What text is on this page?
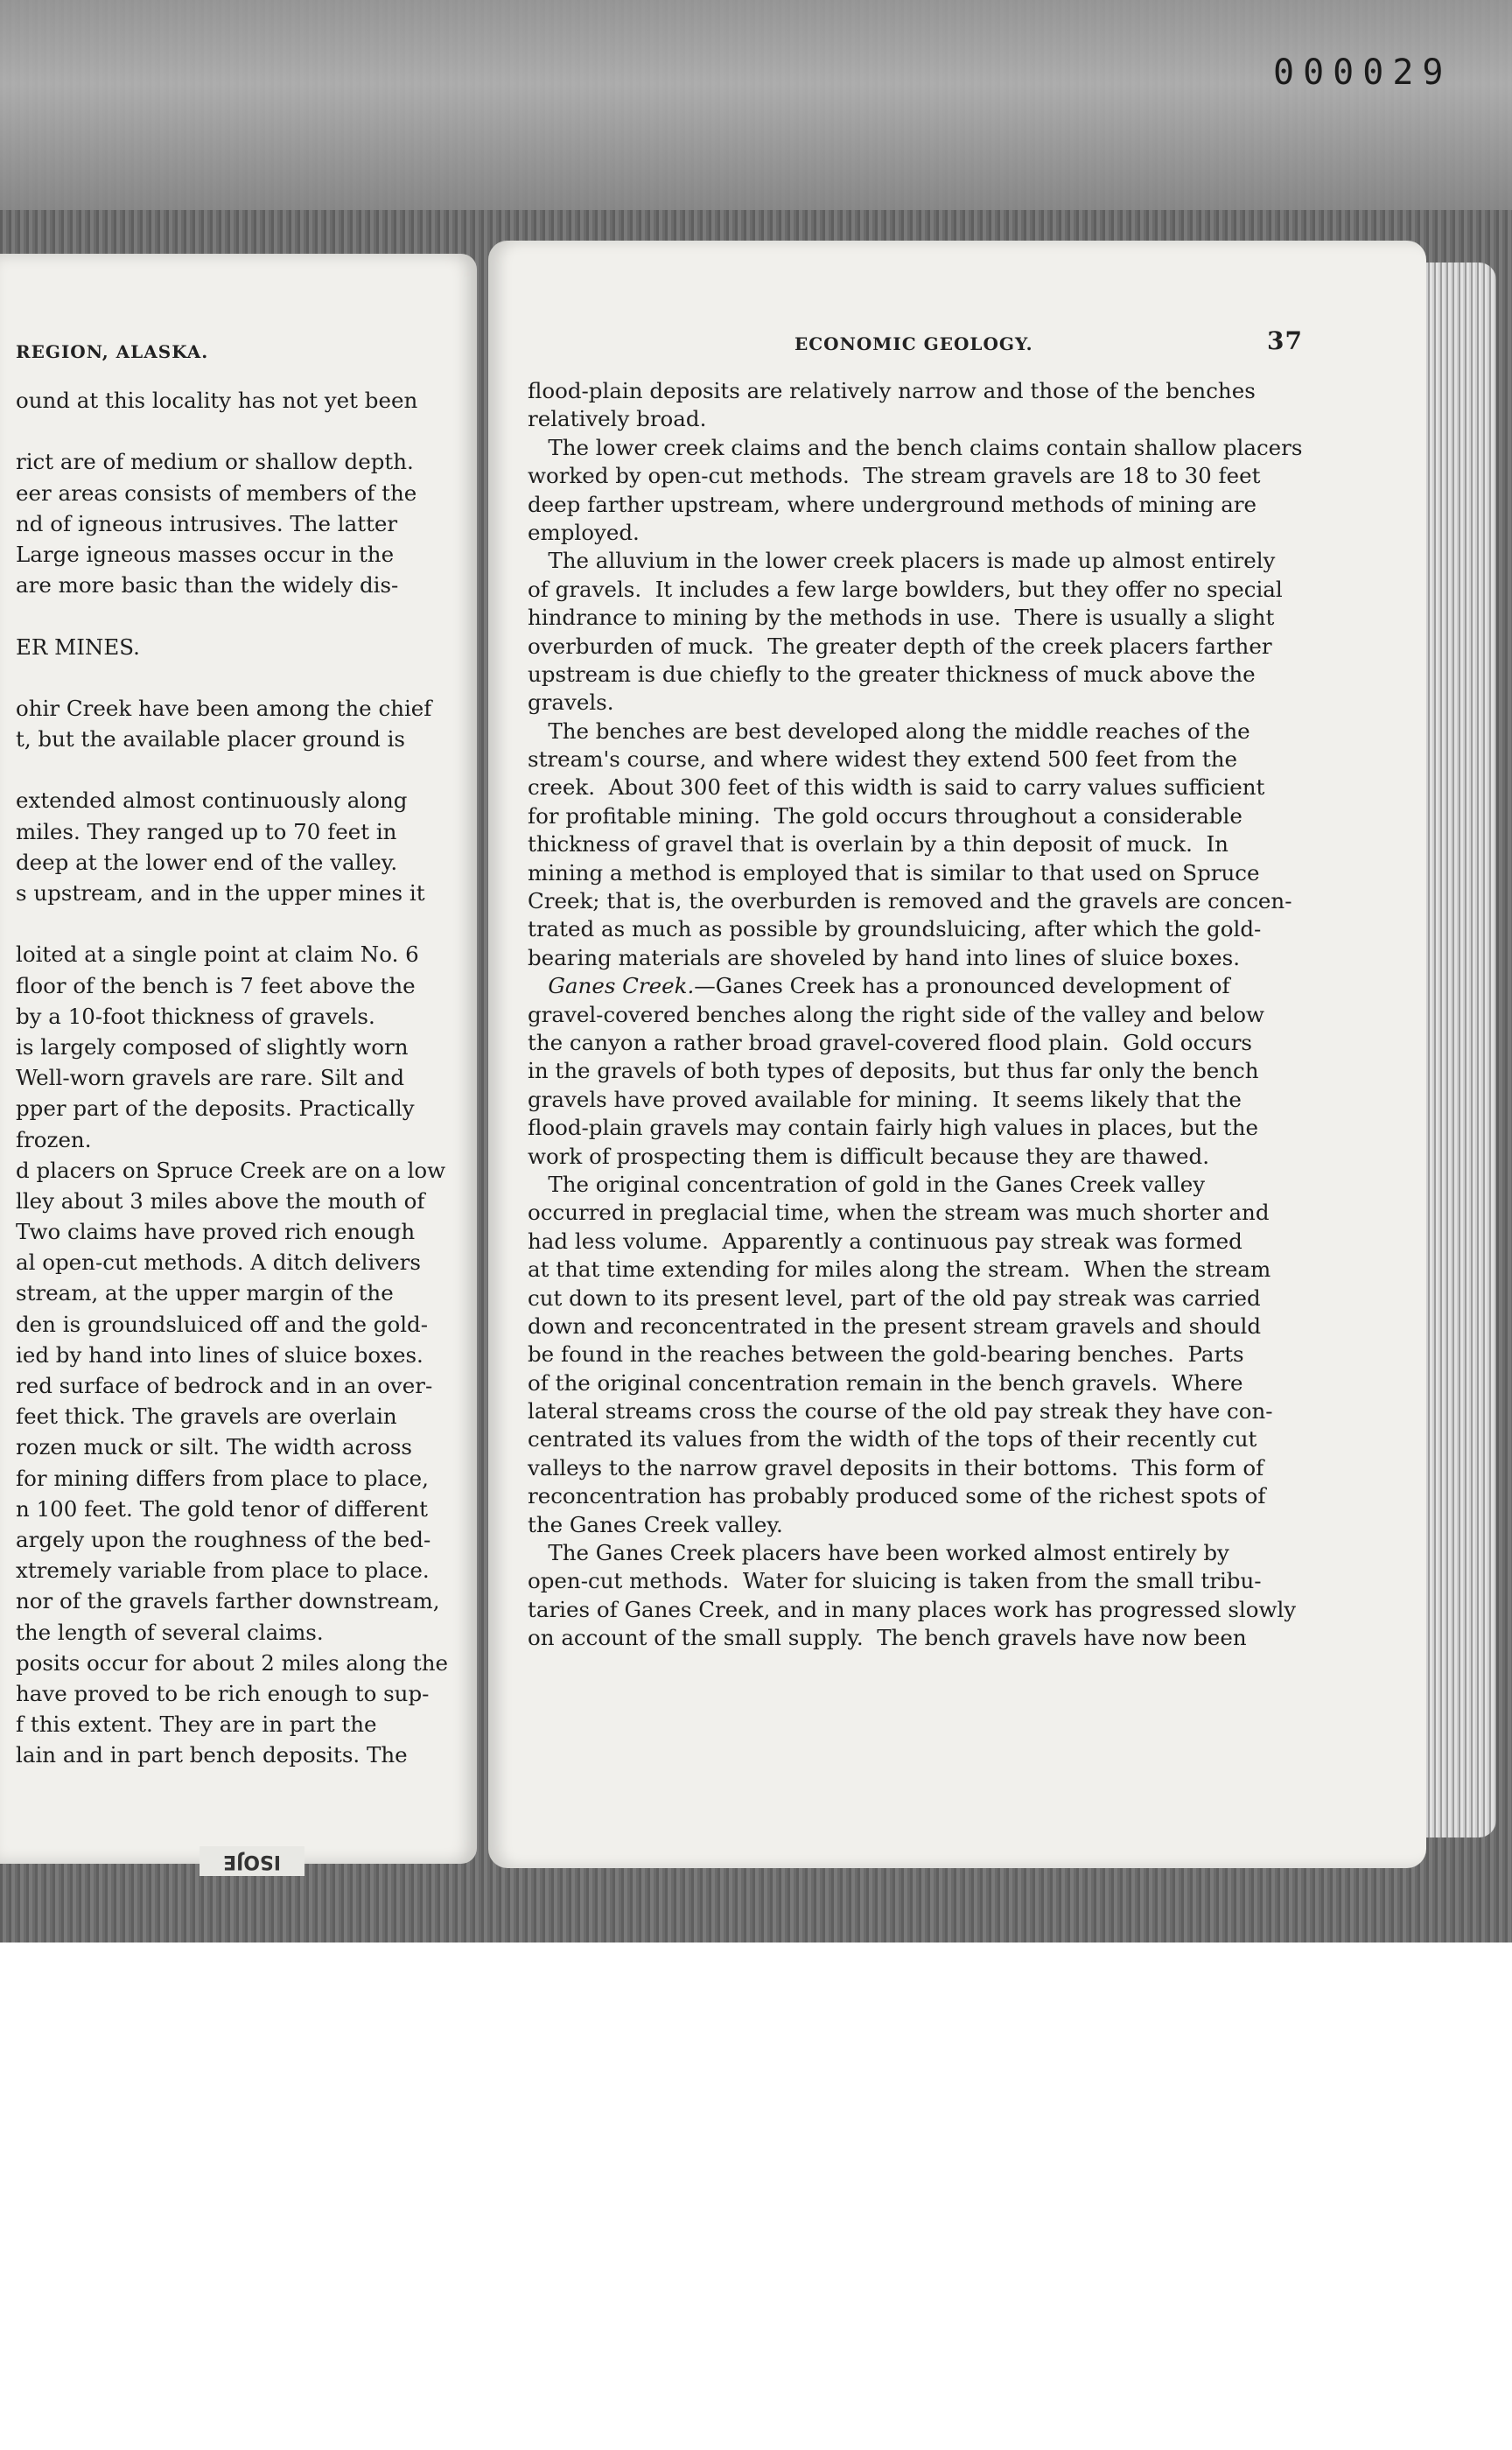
000029
REGION, ALASKA.
ound at this locality has not yet been
rict are of medium or shallow depth.
eer areas consists of members of the
nd of igneous intrusives. The latter
Large igneous masses occur in the
are more basic than the widely dis-
ER MINES.
ohir Creek have been among the chief
t, but the available placer ground is
extended almost continuously along
miles. They ranged up to 70 feet in
deep at the lower end of the valley.
s upstream, and in the upper mines it
loited at a single point at claim No. 6
floor of the bench is 7 feet above the
by a 10-foot thickness of gravels.
is largely composed of slightly worn
Well-worn gravels are rare. Silt and
pper part of the deposits. Practically
frozen.
d placers on Spruce Creek are on a low
lley about 3 miles above the mouth of
Two claims have proved rich enough
al open-cut methods. A ditch delivers
stream, at the upper margin of the
den is groundsluiced off and the gold-
ied by hand into lines of sluice boxes.
red surface of bedrock and in an over-
feet thick. The gravels are overlain
rozen muck or silt. The width across
for mining differs from place to place,
n 100 feet. The gold tenor of different
argely upon the roughness of the bed-
xtremely variable from place to place.
nor of the gravels farther downstream,
the length of several claims.
posits occur for about 2 miles along the
have proved to be rich enough to sup-
f this extent. They are in part the
lain and in part bench deposits. The
ECONOMIC GEOLOGY.	37
flood-plain deposits are relatively narrow and those of the benches
relatively broad.
The lower creek claims and the bench claims contain shallow placers
worked by open-cut methods.  The stream gravels are 18 to 30 feet
deep farther upstream, where underground methods of mining are
employed.
The alluvium in the lower creek placers is made up almost entirely
of gravels.  It includes a few large bowlders, but they offer no special
hindrance to mining by the methods in use.  There is usually a slight
overburden of muck.  The greater depth of the creek placers farther
upstream is due chiefly to the greater thickness of muck above the
gravels.
The benches are best developed along the middle reaches of the
stream's course, and where widest they extend 500 feet from the
creek.  About 300 feet of this width is said to carry values sufficient
for profitable mining.  The gold occurs throughout a considerable
thickness of gravel that is overlain by a thin deposit of muck.  In
mining a method is employed that is similar to that used on Spruce
Creek; that is, the overburden is removed and the gravels are concen-
trated as much as possible by groundsluicing, after which the gold-
bearing materials are shoveled by hand into lines of sluice boxes.
Ganes Creek.—Ganes Creek has a pronounced development of
gravel-covered benches along the right side of the valley and below
the canyon a rather broad gravel-covered flood plain.  Gold occurs
in the gravels of both types of deposits, but thus far only the bench
gravels have proved available for mining.  It seems likely that the
flood-plain gravels may contain fairly high values in places, but the
work of prospecting them is difficult because they are thawed.
The original concentration of gold in the Ganes Creek valley
occurred in preglacial time, when the stream was much shorter and
had less volume.  Apparently a continuous pay streak was formed
at that time extending for miles along the stream.  When the stream
cut down to its present level, part of the old pay streak was carried
down and reconcentrated in the present stream gravels and should
be found in the reaches between the gold-bearing benches.  Parts
of the original concentration remain in the bench gravels.  Where
lateral streams cross the course of the old pay streak they have con-
centrated its values from the width of the tops of their recently cut
valleys to the narrow gravel deposits in their bottoms.  This form of
reconcentration has probably produced some of the richest spots of
the Ganes Creek valley.
The Ganes Creek placers have been worked almost entirely by
open-cut methods.  Water for sluicing is taken from the small tribu-
taries of Ganes Creek, and in many places work has progressed slowly
on account of the small supply.  The bench gravels have now been
ISOJE
